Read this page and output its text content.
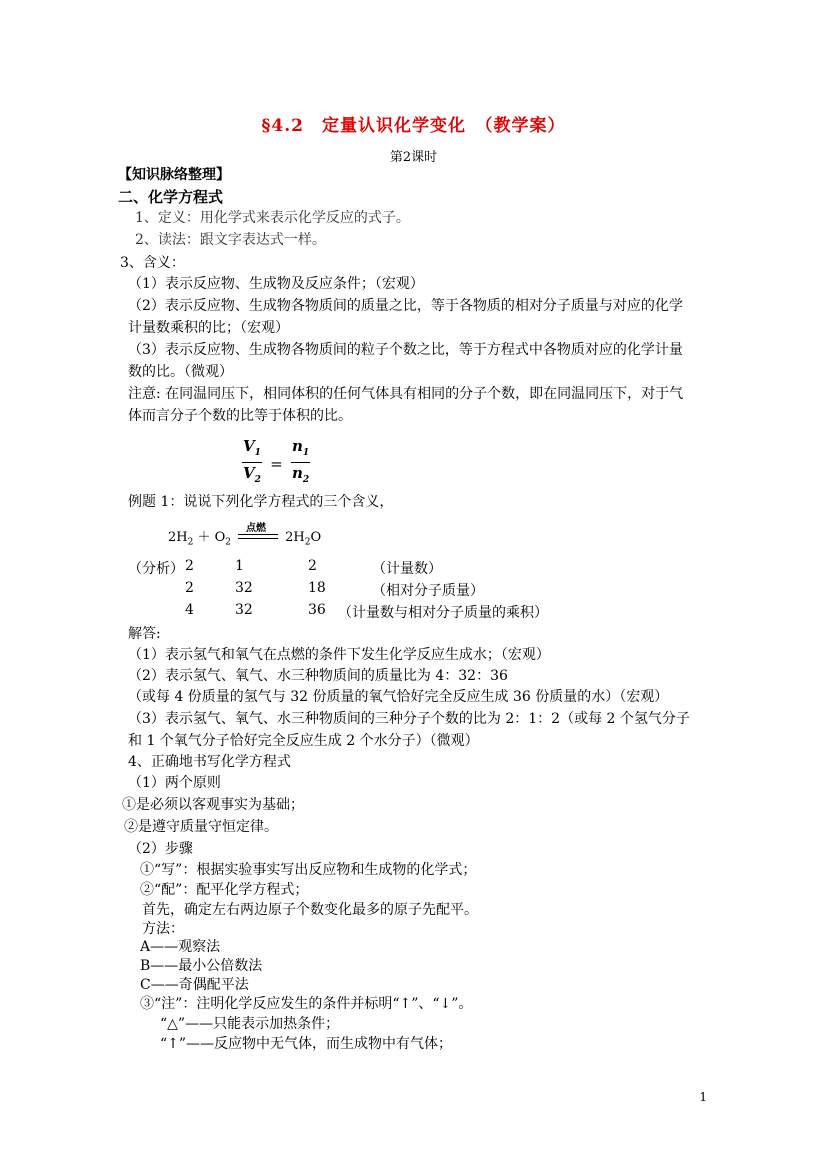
§4.2　定量认识化学变化　（教学案）
第2课时
【知识脉络整理】
二、化学方程式
1、定义：用化学式来表示化学反应的式子。
2、读法：跟文字表达式一样。
3、含义：
（1）表示反应物、生成物及反应条件；（宏观）
（2）表示反应物、生成物各物质间的质量之比，等于各物质的相对分子质量与对应的化学
计量数乘积的比；（宏观）
（3）表示反应物、生成物各物质间的粒子个数之比，等于方程式中各物质对应的化学计量
数的比。（微观）
注意: 在同温同压下，相同体积的任何气体具有相同的分子个数，即在同温同压下，对于气
体而言分子个数的比等于体积的比。
$\frac{V_1}{V_2} = \frac{n_1}{n_2}$
例题 1：说说下列化学方程式的三个含义，
点燃
$2H_2 + O_2$	$2H_2O$
（分析） 2	1	2	（计量数）
2	32	18	（相对分子质量）
4	32	36 （计量数与相对分子质量的乘积）
解答:
（1）表示氢气和氧气在点燃的条件下发生化学反应生成水；（宏观）
（2）表示氢气、氧气、水三种物质间的质量比为 4：32：36
（或每 4 份质量的氢气与 32 份质量的氧气恰好完全反应生成 36 份质量的水）（宏观）
（3）表示氢气、氧气、水三种物质间的三种分子个数的比为 2：1：2（或每 2 个氢气分子
和 1 个氧气分子恰好完全反应生成 2 个水分子）（微观）
4、正确地书写化学方程式
（1）两个原则
①是必须以客观事实为基础；
②是遵守质量守恒定律。
（2）步骤
①“写”：根据实验事实写出反应物和生成物的化学式；
②“配”：配平化学方程式；
首先，确定左右两边原子个数变化最多的原子先配平。
方法：
A——观察法
B——最小公倍数法
C——奇偶配平法
③“注”：注明化学反应发生的条件并标明“↑”、“↓”。
“△”——只能表示加热条件；
“↑”——反应物中无气体，而生成物中有气体；
1
